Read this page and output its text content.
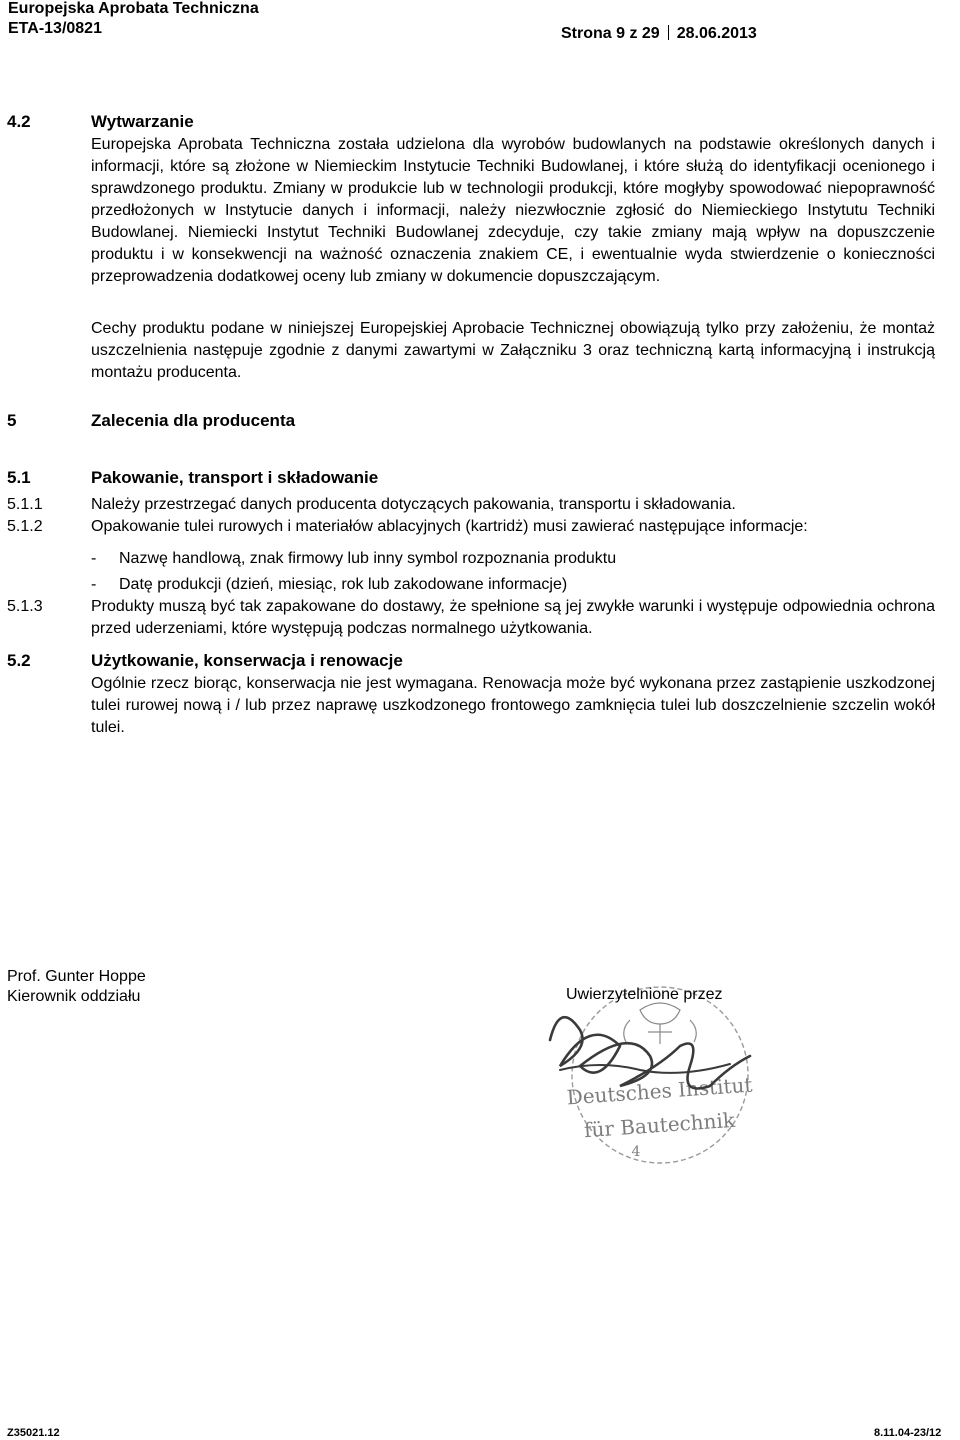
Europejska Aprobata Techniczna
ETA-13/0821	Strona 9 z 29 28.06.2013
4.2	Wytwarzanie

Europejska Aprobata Techniczna została udzielona dla wyrobów budowlanych na podstawie określonych danych i informacji, które są złożone w Niemieckim Instytucie Techniki Budowlanej, i które służą do identyfikacji ocenionego i sprawdzonego produktu. Zmiany w produkcie lub w technologii produkcji, które mogłyby spowodować niepoprawność przedłożonych w Instytucie danych i informacji, należy niezwłocznie zgłosić do Niemieckiego Instytutu Techniki Budowlanej. Niemiecki Instytut Techniki Budowlanej zdecyduje, czy takie zmiany mają wpływ na dopuszczenie produktu i w konsekwencji na ważność oznaczenia znakiem CE, i ewentualnie wyda stwierdzenie o konieczności przeprowadzenia dodatkowej oceny lub zmiany w dokumencie dopuszczającym.

Cechy produktu podane w niniejszej Europejskiej Aprobacie Technicznej obowiązują tylko przy założeniu, że montaż uszczelnienia następuje zgodnie z danymi zawartymi w Załączniku 3 oraz techniczną kartą informacyjną i instrukcją montażu producenta.

5	Zalecenia dla producenta
5.1	Pakowanie, transport i składowanie
5.1.1	Należy przestrzegać danych producenta dotyczących pakowania, transportu i składowania.

5.1.2	Opakowanie tulei rurowych i materiałów ablacyjnych (kartridż) musi zawierać następujące informacje:

- Nazwę handlową, znak firmowy lub inny symbol rozpoznania produktu
- Datę produkcji (dzień, miesiąc, rok lub zakodowane informacje)
5.1.3	Produkty muszą być tak zapakowane do dostawy, że spełnione są jej zwykłe warunki i występuje odpowiednia ochrona przed uderzeniami, które występują podczas normalnego użytkowania.

5.2	Użytkowanie, konserwacja i renowacje

Ogólnie rzecz biorąc, konserwacja nie jest wymagana. Renowacja może być wykonana przez zastąpienie uszkodzonej tulei rurowej nową i / lub przez naprawę uszkodzonego frontowego zamknięcia tulei lub doszczelnienie szczelin wokół tulei.

Prof. Gunter Hoppe
Kierownik oddziału
Deutsches Institut
für Bautechnik
4
Uwierzytelnione przez
Z35021.12	8.11.04-23/12
